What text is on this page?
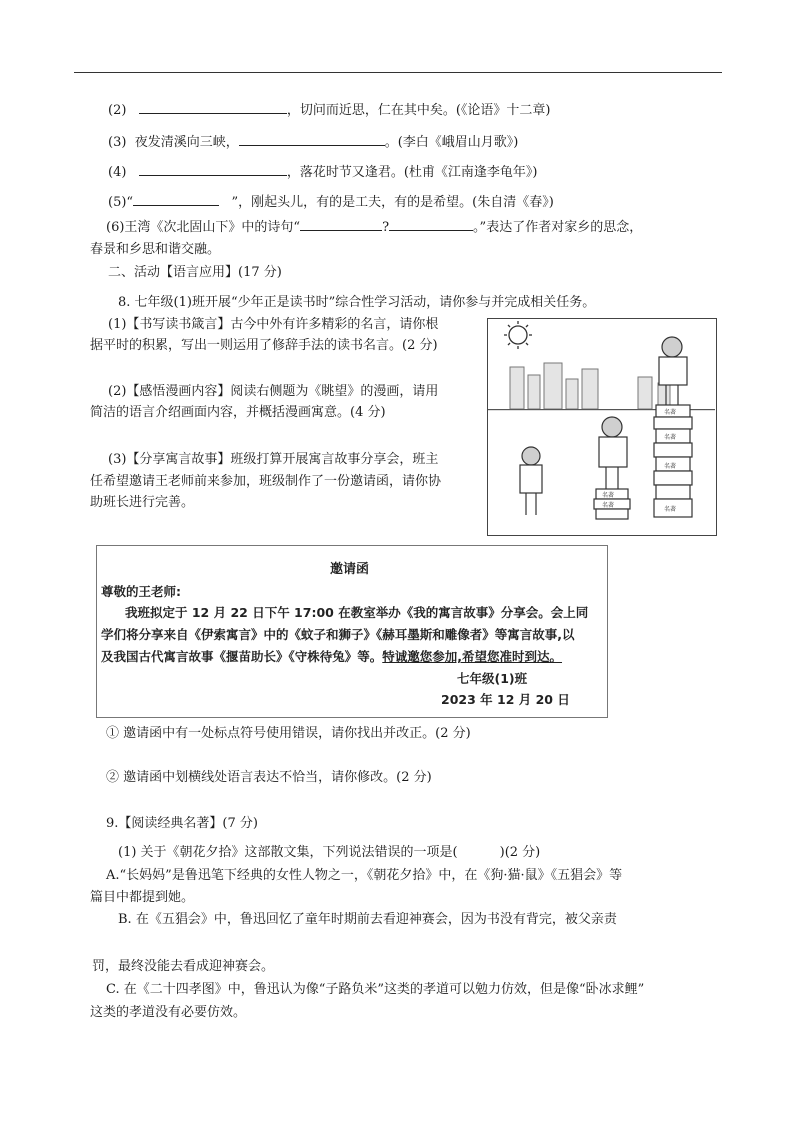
(2)	，切问而近思，仁在其中矣。(《论语》十二章)
(3) 夜发清溪向三峡，	。(李白《峨眉山月歌》)
(4)	，落花时节又逢君。(杜甫《江南逢李龟年》)
(5)“	”，刚起头儿，有的是工夫，有的是希望。(朱自清《春》)
(6)王湾《次北固山下》中的诗句“	?	。”表达了作者对家乡的思念，
春景和乡思和谐交融。
二、活动【语言应用】(17 分)
8. 七年级(1)班开展“少年正是读书时”综合性学习活动，请你参与并完成相关任务。
(1)【书写读书箴言】古今中外有许多精彩的名言，请你根
据平时的积累，写出一则运用了修辞手法的读书名言。(2 分)
(2)【感悟漫画内容】阅读右侧题为《眺望》的漫画，请用
简洁的语言介绍画面内容，并概括漫画寓意。(4 分)
(3)【分享寓言故事】班级打算开展寓言故事分享会，班主
任希望邀请王老师前来参加，班级制作了一份邀请函，请你协
助班长进行完善。	名著
名著
名著
名著
名著
名著
邀请函
尊敬的王老师:
我班拟定于 12 月 22 日下午 17:00 在教室举办《我的寓言故事》分享会。会上同
学们将分享来自《伊索寓言》中的《蚊子和狮子》《赫耳墨斯和雕像者》等寓言故事,以
及我国古代寓言故事《揠苗助长》《守株待兔》等。特诚邀您参加,希望您准时到达。
七年级(1)班
2023 年 12 月 20 日
① 邀请函中有一处标点符号使用错误，请你找出并改正。(2 分)
② 邀请函中划横线处语言表达不恰当，请你修改。(2 分)
9.【阅读经典名著】(7 分)
(1) 关于《朝花夕拾》这部散文集，下列说法错误的一项是(	)(2 分)
A.“长妈妈”是鲁迅笔下经典的女性人物之一，《朝花夕拾》中，在《狗·猫·鼠》《五猖会》等
篇目中都提到她。
B. 在《五猖会》中，鲁迅回忆了童年时期前去看迎神赛会，因为书没有背完，被父亲责
罚，最终没能去看成迎神赛会。
C. 在《二十四孝图》中，鲁迅认为像“子路负米”这类的孝道可以勉力仿效，但是像“卧冰求鲤”
这类的孝道没有必要仿效。
